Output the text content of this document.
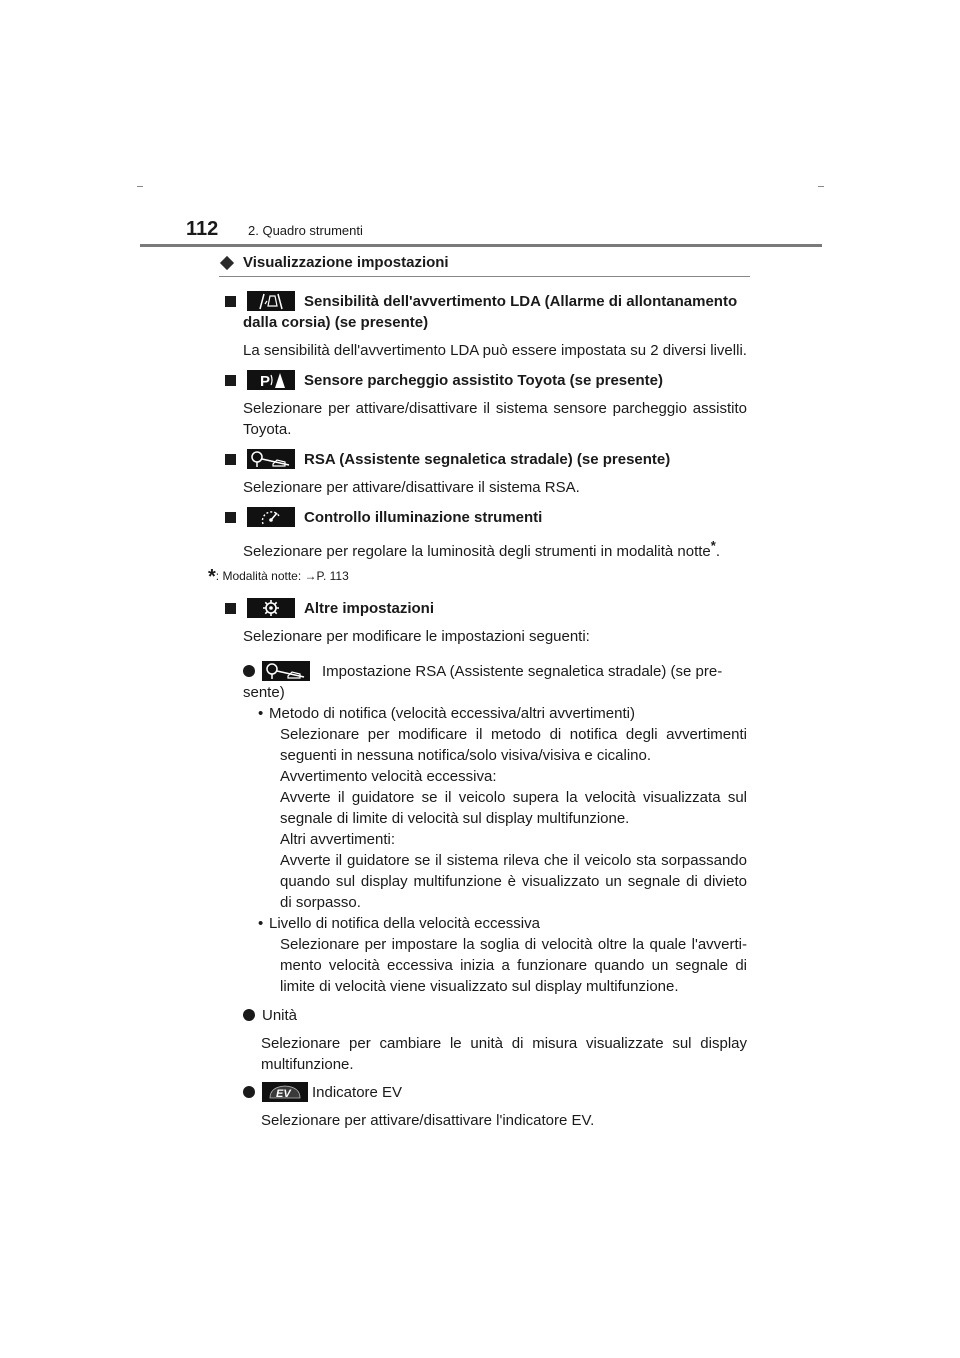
112 2. Quadro strumenti
Visualizzazione impostazioni
Sensibilità dell'avvertimento LDA (Allarme di allontanamento
dalla corsia) (se presente)
La sensibilità dell'avvertimento LDA può essere impostata su 2 diversi livelli.
P Sensore parcheggio assistito Toyota (se presente)
Selezionare per attivare/disattivare il sistema sensore parcheggio assistito Toyota.
RSA (Assistente segnaletica stradale) (se presente)
Selezionare per attivare/disattivare il sistema RSA.
Controllo illuminazione strumenti
Selezionare per regolare la luminosità degli strumenti in modalità notte*.
*: Modalità notte: →P. 113
Altre impostazioni
Selezionare per modificare le impostazioni seguenti:
Impostazione RSA (Assistente segnaletica stradale) (se pre-
sente)
• Metodo di notifica (velocità eccessiva/altri avvertimenti)
Selezionare per modificare il metodo di notifica degli avvertimenti seguenti in nessuna notifica/solo visiva/visiva e cicalino.
Avvertimento velocità eccessiva:
Avverte il guidatore se il veicolo supera la velocità visualizzata sul segnale di limite di velocità sul display multifunzione.
Altri avvertimenti:
Avverte il guidatore se il sistema rileva che il veicolo sta sorpassando quando sul display multifunzione è visualizzato un segnale di divieto di sorpasso.
• Livello di notifica della velocità eccessiva
Selezionare per impostare la soglia di velocità oltre la quale l'avverti-mento velocità eccessiva inizia a funzionare quando un segnale di limite di velocità viene visualizzato sul display multifunzione.
Unità
Selezionare per cambiare le unità di misura visualizzate sul display multifunzione.
EV Indicatore EV
Selezionare per attivare/disattivare l'indicatore EV.
